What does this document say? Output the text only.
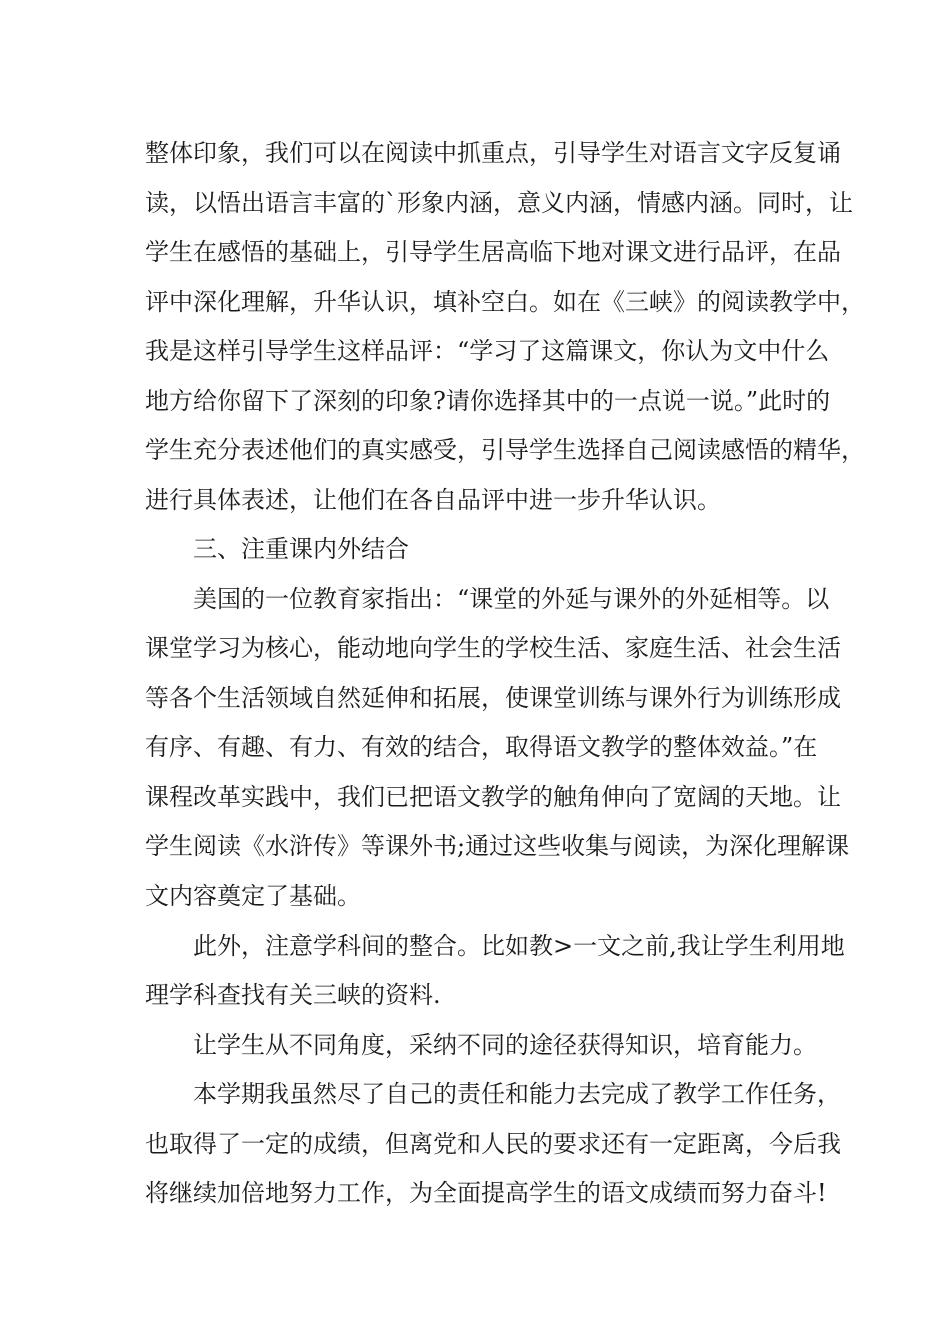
整体印象，我们可以在阅读中抓重点，引导学生对语言文字反复诵
读，以悟出语言丰富的`形象内涵，意义内涵，情感内涵。同时，让
学生在感悟的基础上，引导学生居高临下地对课文进行品评，在品
评中深化理解，升华认识，填补空白。如在《三峡》的阅读教学中，
我是这样引导学生这样品评：“学习了这篇课文，你认为文中什么
地方给你留下了深刻的印象?请你选择其中的一点说一说。”此时的
学生充分表述他们的真实感受，引导学生选择自己阅读感悟的精华，
进行具体表述，让他们在各自品评中进一步升华认识。
三、注重课内外结合
美国的一位教育家指出：“课堂的外延与课外的外延相等。以
课堂学习为核心，能动地向学生的学校生活、家庭生活、社会生活
等各个生活领域自然延伸和拓展，使课堂训练与课外行为训练形成
有序、有趣、有力、有效的结合，取得语文教学的整体效益。”在
课程改革实践中，我们已把语文教学的触角伸向了宽阔的天地。让
学生阅读《水浒传》等课外书;通过这些收集与阅读，为深化理解课
文内容奠定了基础。
此外，注意学科间的整合。比如教>一文之前,我让学生利用地
理学科查找有关三峡的资料.
让学生从不同角度，采纳不同的途径获得知识，培育能力。
本学期我虽然尽了自己的责任和能力去完成了教学工作任务，
也取得了一定的成绩，但离党和人民的要求还有一定距离，今后我
将继续加倍地努力工作，为全面提高学生的语文成绩而努力奋斗!
